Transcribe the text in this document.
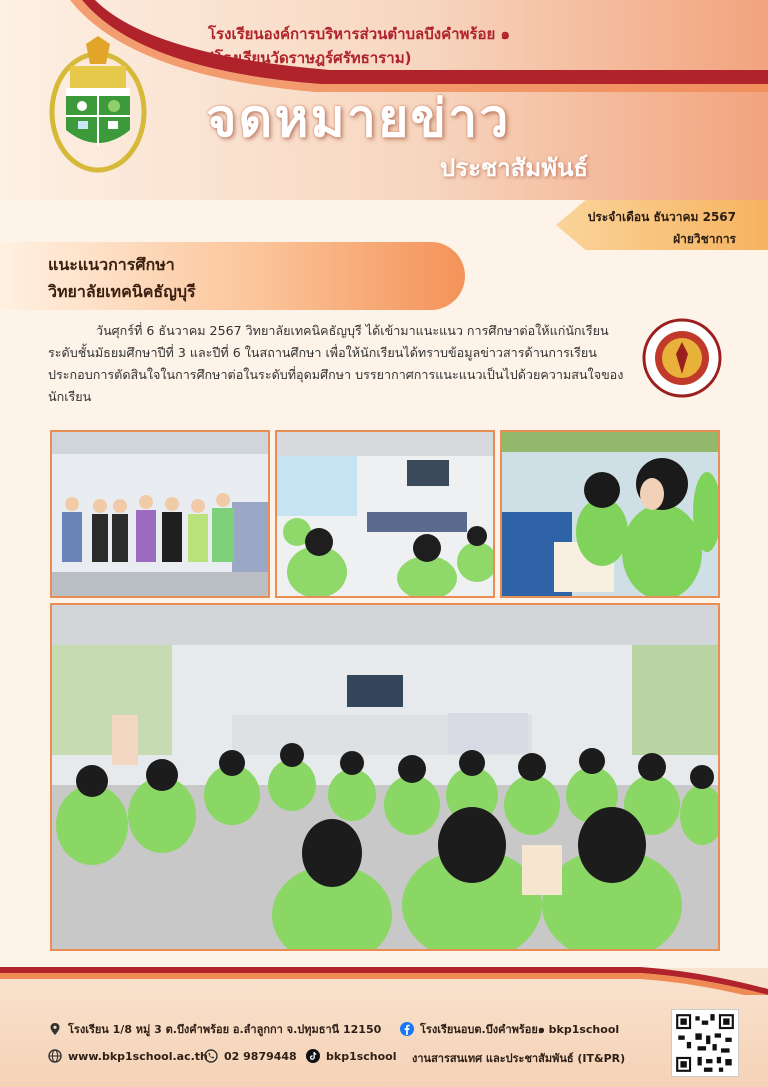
โรงเรียนองค์การบริหารส่วนตำบลบึงคำพร้อย ๑
(โรงเรียนวัดราษฎร์ศรัทธาราม)
จดหมายข่าว
ประชาสัมพันธ์
ประจำเดือน ธันวาคม 2567
ฝ่ายวิชาการ
แนะแนวการศึกษา
วิทยาลัยเทคนิคธัญบุรี
วันศุกร์ที่ 6 ธันวาคม 2567 วิทยาลัยเทคนิคธัญบุรี ได้เข้ามาแนะแนว การศึกษาต่อให้แก่นักเรียนระดับชั้นมัธยมศึกษาปีที่ 3 และปีที่ 6 ในสถานศึกษา เพื่อให้นักเรียนได้ทราบข้อมูลข่าวสารด้านการเรียนประกอบการตัดสินใจในการศึกษาต่อในระดับที่อุดมศึกษา บรรยากาศการแนะแนวเป็นไปด้วยความสนใจของนักเรียน
โรงเรียน 1/8 หมู่ 3 ต.บึงคำพร้อย อ.ลำลูกกา จ.ปทุมธานี 12150	โรงเรียนอบต.บึงคำพร้อย๑ bkp1school
www.bkp1school.ac.th 02 9879448	bkp1school งานสารสนเทศ และประชาสัมพันธ์ (IT&PR)
